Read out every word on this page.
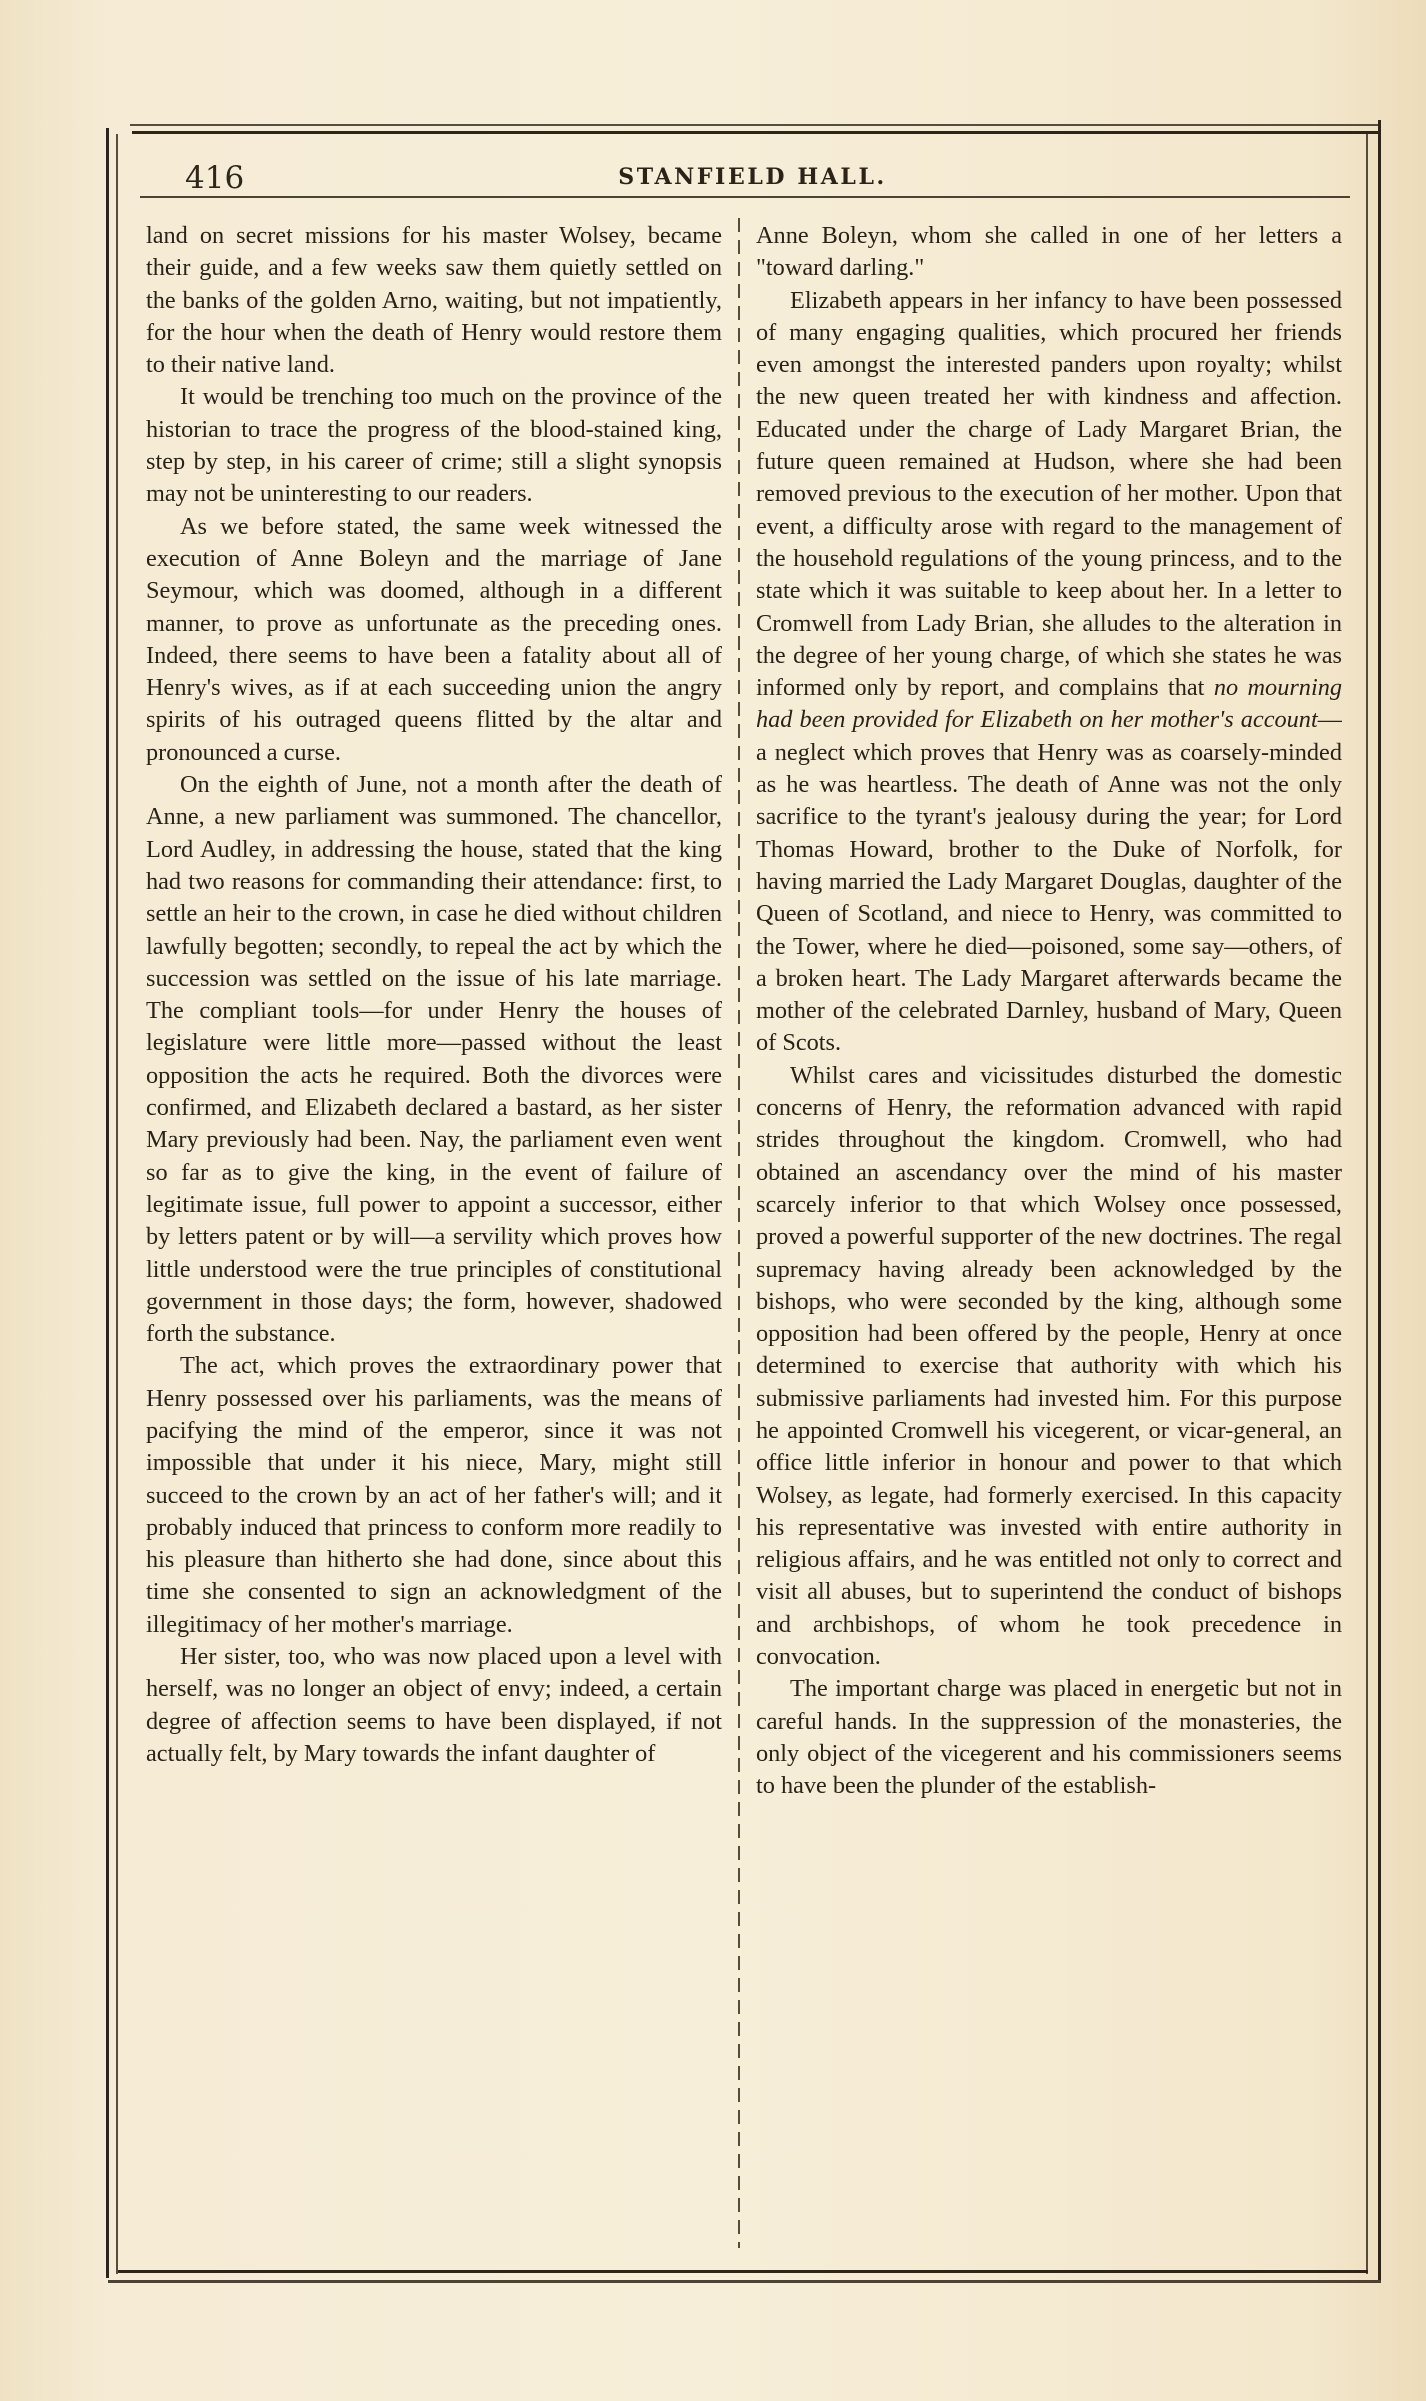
416	STANFIELD HALL.

land on secret missions for his master Wolsey, became their guide, and a few weeks saw them quietly settled on the banks of the golden Arno, waiting, but not impatiently, for the hour when the death of Henry would restore them to their native land.

It would be trenching too much on the province of the historian to trace the progress of the blood-stained king, step by step, in his career of crime; still a slight synopsis may not be uninteresting to our readers.

As we before stated, the same week witnessed the execution of Anne Boleyn and the marriage of Jane Seymour, which was doomed, although in a different manner, to prove as unfortunate as the preceding ones. Indeed, there seems to have been a fatality about all of Henry's wives, as if at each succeeding union the angry spirits of his outraged queens flitted by the altar and pronounced a curse.

On the eighth of June, not a month after the death of Anne, a new parliament was summoned. The chancellor, Lord Audley, in addressing the house, stated that the king had two reasons for commanding their attendance: first, to settle an heir to the crown, in case he died without children lawfully begotten; secondly, to repeal the act by which the succession was settled on the issue of his late marriage. The compliant tools—for under Henry the houses of legislature were little more—passed without the least opposition the acts he required. Both the divorces were confirmed, and Elizabeth declared a bastard, as her sister Mary previously had been. Nay, the parliament even went so far as to give the king, in the event of failure of legitimate issue, full power to appoint a successor, either by letters patent or by will—a servility which proves how little understood were the true principles of constitutional government in those days; the form, however, shadowed forth the substance.

The act, which proves the extraordinary power that Henry possessed over his parliaments, was the means of pacifying the mind of the emperor, since it was not impossible that under it his niece, Mary, might still succeed to the crown by an act of her father's will; and it probably induced that princess to conform more readily to his pleasure than hitherto she had done, since about this time she consented to sign an acknowledgment of the illegitimacy of her mother's marriage.

Her sister, too, who was now placed upon a level with herself, was no longer an object of envy; indeed, a certain degree of affection seems to have been displayed, if not actually felt, by Mary towards the infant daughter of

Anne Boleyn, whom she called in one of her letters a "toward darling."

Elizabeth appears in her infancy to have been possessed of many engaging qualities, which procured her friends even amongst the interested panders upon royalty; whilst the new queen treated her with kindness and affection. Educated under the charge of Lady Margaret Brian, the future queen remained at Hudson, where she had been removed previous to the execution of her mother. Upon that event, a difficulty arose with regard to the management of the household regulations of the young princess, and to the state which it was suitable to keep about her. In a letter to Cromwell from Lady Brian, she alludes to the alteration in the degree of her young charge, of which she states he was informed only by report, and complains that no mourning had been provided for Elizabeth on her mother's account—a neglect which proves that Henry was as coarsely-minded as he was heartless. The death of Anne was not the only sacrifice to the tyrant's jealousy during the year; for Lord Thomas Howard, brother to the Duke of Norfolk, for having married the Lady Margaret Douglas, daughter of the Queen of Scotland, and niece to Henry, was committed to the Tower, where he died—poisoned, some say—others, of a broken heart. The Lady Margaret afterwards became the mother of the celebrated Darnley, husband of Mary, Queen of Scots.

Whilst cares and vicissitudes disturbed the domestic concerns of Henry, the reformation advanced with rapid strides throughout the kingdom. Cromwell, who had obtained an ascendancy over the mind of his master scarcely inferior to that which Wolsey once possessed, proved a powerful supporter of the new doctrines. The regal supremacy having already been acknowledged by the bishops, who were seconded by the king, although some opposition had been offered by the people, Henry at once determined to exercise that authority with which his submissive parliaments had invested him. For this purpose he appointed Cromwell his vicegerent, or vicar-general, an office little inferior in honour and power to that which Wolsey, as legate, had formerly exercised. In this capacity his representative was invested with entire authority in religious affairs, and he was entitled not only to correct and visit all abuses, but to superintend the conduct of bishops and archbishops, of whom he took precedence in convocation.

The important charge was placed in energetic but not in careful hands. In the suppression of the monasteries, the only object of the vicegerent and his commissioners seems to have been the plunder of the establish-
